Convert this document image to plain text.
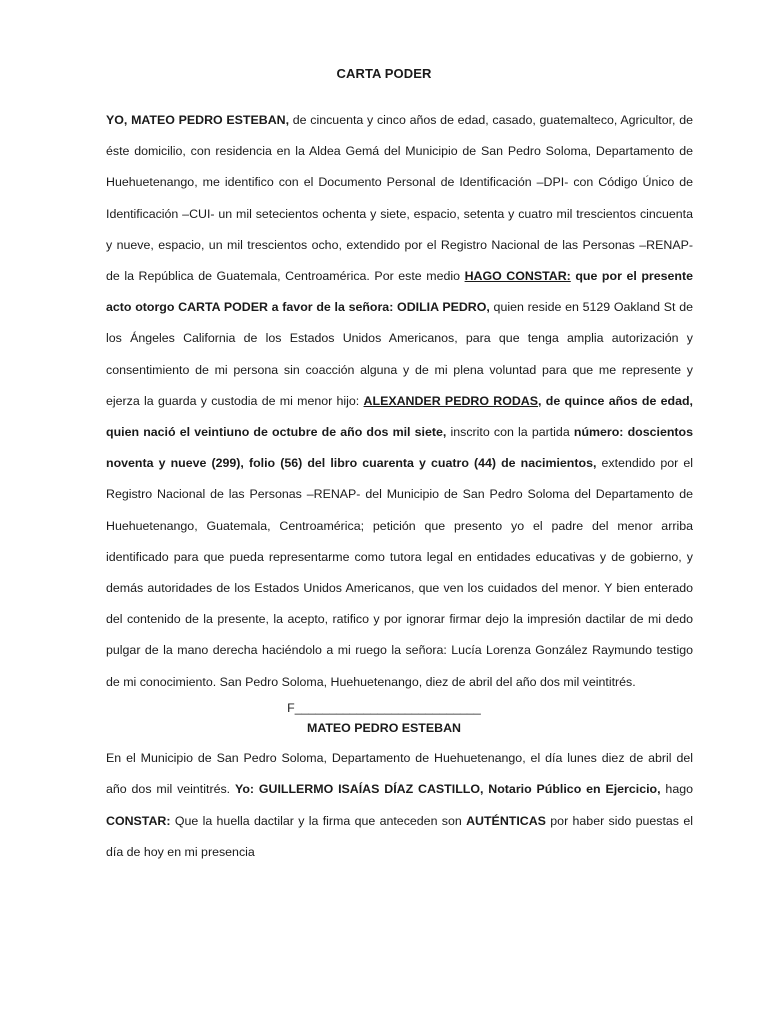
CARTA PODER
YO, MATEO PEDRO ESTEBAN, de cincuenta y cinco años de edad, casado, guatemalteco, Agricultor, de éste domicilio, con residencia en la Aldea Gemá del Municipio de San Pedro Soloma, Departamento de Huehuetenango, me identifico con el Documento Personal de Identificación –DPI- con Código Único de Identificación –CUI- un mil setecientos ochenta y siete, espacio, setenta y cuatro mil trescientos cincuenta y nueve, espacio, un mil trescientos ocho, extendido por el Registro Nacional de las Personas –RENAP- de la República de Guatemala, Centroamérica. Por este medio HAGO CONSTAR: que por el presente acto otorgo CARTA PODER a favor de la señora: ODILIA PEDRO, quien reside en 5129 Oakland St de los Ángeles California de los Estados Unidos Americanos, para que tenga amplia autorización y consentimiento de mi persona sin coacción alguna y de mi plena voluntad para que me represente y ejerza la guarda y custodia de mi menor hijo: ALEXANDER PEDRO RODAS, de quince años de edad, quien nació el veintiuno de octubre de año dos mil siete, inscrito con la partida número: doscientos noventa y nueve (299), folio (56) del libro cuarenta y cuatro (44) de nacimientos, extendido por el Registro Nacional de las Personas –RENAP- del Municipio de San Pedro Soloma del Departamento de Huehuetenango, Guatemala, Centroamérica; petición que presento yo el padre del menor arriba identificado para que pueda representarme como tutora legal en entidades educativas y de gobierno, y demás autoridades de los Estados Unidos Americanos, que ven los cuidados del menor. Y bien enterado del contenido de la presente, la acepto, ratifico y por ignorar firmar dejo la impresión dactilar de mi dedo pulgar de la mano derecha haciéndolo a mi ruego la señora: Lucía Lorenza González Raymundo testigo de mi conocimiento. San Pedro Soloma, Huehuetenango, diez de abril del año dos mil veintitrés.
F___________________________
MATEO PEDRO ESTEBAN
En el Municipio de San Pedro Soloma, Departamento de Huehuetenango, el día lunes diez de abril del año dos mil veintitrés. Yo: GUILLERMO ISAÍAS DÍAZ CASTILLO, Notario Público en Ejercicio, hago CONSTAR: Que la huella dactilar y la firma que anteceden son AUTÉNTICAS por haber sido puestas el día de hoy en mi presencia
